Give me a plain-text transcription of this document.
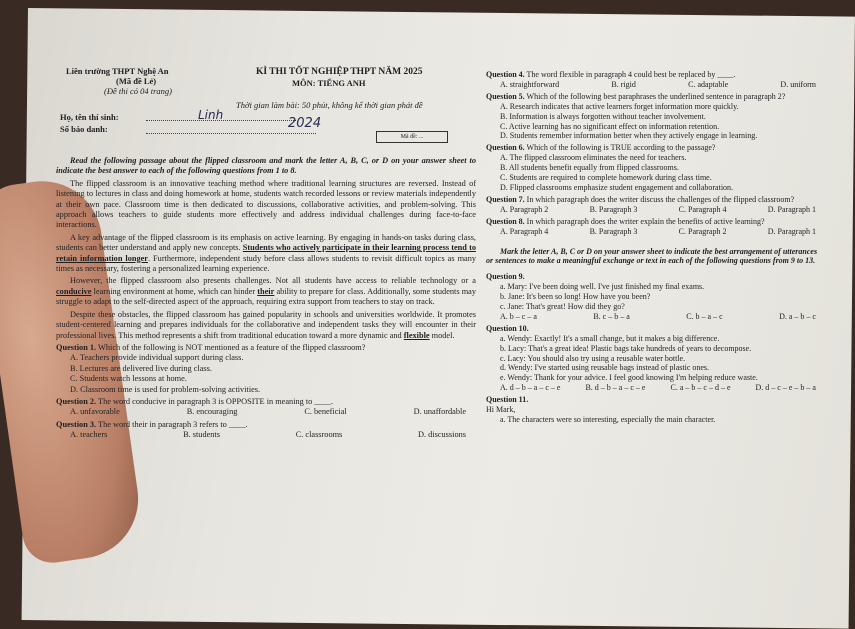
Liên trường THPT Nghệ An
(Mã đề Lẻ)
(Đề thi có 04 trang)
KÌ THI TỐT NGHIỆP THPT NĂM 2025
MÔN: TIẾNG ANH
Thời gian làm bài: 50 phút, không kể thời gian phát đề
Họ, tên thí sinh:	Linh
Số báo danh:	2024
Mã đề: ...

Read the following passage about the flipped classroom and mark the letter A, B, C, or D on your answer sheet to indicate the best answer to each of the following questions from 1 to 8.

The flipped classroom is an innovative teaching method where traditional learning structures are reversed. Instead of listening to lectures in class and doing homework at home, students watch recorded lessons or review materials independently at their own pace. Classroom time is then dedicated to discussions, collaborative activities, and problem-solving. This approach allows teachers to guide students more effectively and address individual challenges during face-to-face interactions.

A key advantage of the flipped classroom is its emphasis on active learning. By engaging in hands-on tasks during class, students can better understand and apply new concepts. Students who actively participate in their learning process tend to retain information longer. Furthermore, independent study before class allows students to revisit difficult topics as many times as necessary, fostering a personalized learning experience.

However, the flipped classroom also presents challenges. Not all students have access to reliable technology or a conducive learning environment at home, which can hinder their ability to prepare for class. Additionally, some students may struggle to adapt to the self-directed aspect of the approach, requiring extra support from teachers to stay on track.

Despite these obstacles, the flipped classroom has gained popularity in schools and universities worldwide. It promotes student-centered learning and prepares individuals for the collaborative and independent tasks they will encounter in their professional lives. This method represents a shift from traditional education toward a more dynamic and flexible model.

Question 1. Which of the following is NOT mentioned as a feature of the flipped classroom?

A. Teachers provide individual support during class.

B. Lectures are delivered live during class.

C. Students watch lessons at home.

D. Classroom time is used for problem-solving activities.

Question 2. The word conducive in paragraph 3 is OPPOSITE in meaning to ____.

A. unfavorable	B. encouraging	C. beneficial	D. unaffordable

Question 3. The word their in paragraph 3 refers to ____.

A. teachers	B. students	C. classrooms	D. discussions

Question 4. The word flexible in paragraph 4 could best be replaced by ____.

A. straightforward	B. rigid	C. adaptable	D. uniform

Question 5. Which of the following best paraphrases the underlined sentence in paragraph 2?

A. Research indicates that active learners forget information more quickly.

B. Information is always forgotten without teacher involvement.

C. Active learning has no significant effect on information retention.

D. Students remember information better when they actively engage in learning.

Question 6. Which of the following is TRUE according to the passage?

A. The flipped classroom eliminates the need for teachers.

B. All students benefit equally from flipped classrooms.

C. Students are required to complete homework during class time.

D. Flipped classrooms emphasize student engagement and collaboration.

Question 7. In which paragraph does the writer discuss the challenges of the flipped classroom?

A. Paragraph 2	B. Paragraph 3	C. Paragraph 4	D. Paragraph 1

Question 8. In which paragraph does the writer explain the benefits of active learning?

A. Paragraph 4	B. Paragraph 3	C. Paragraph 2	D. Paragraph 1

Mark the letter A, B, C or D on your answer sheet to indicate the best arrangement of utterances or sentences to make a meaningful exchange or text in each of the following questions from 9 to 13.

Question 9.

a. Mary: I've been doing well. I've just finished my final exams.

b. Jane: It's been so long! How have you been?

c. Jane: That's great! How did they go?

A. b – c – a	B. c – b – a	C. b – a – c	D. a – b – c

Question 10.

a. Wendy: Exactly! It's a small change, but it makes a big difference.

b. Lacy: That's a great idea! Plastic bags take hundreds of years to decompose.

c. Lacy: You should also try using a reusable water bottle.

d. Wendy: I've started using reusable bags instead of plastic ones.

e. Wendy: Thank for your advice. I feel good knowing I'm helping reduce waste.

A. d – b – a – c – e	B. d – b – a – c – e	C. a – b – c – d – e	D. d – c – e – b – a

Question 11.

Hi Mark,

a. The characters were so interesting, especially the main character.
